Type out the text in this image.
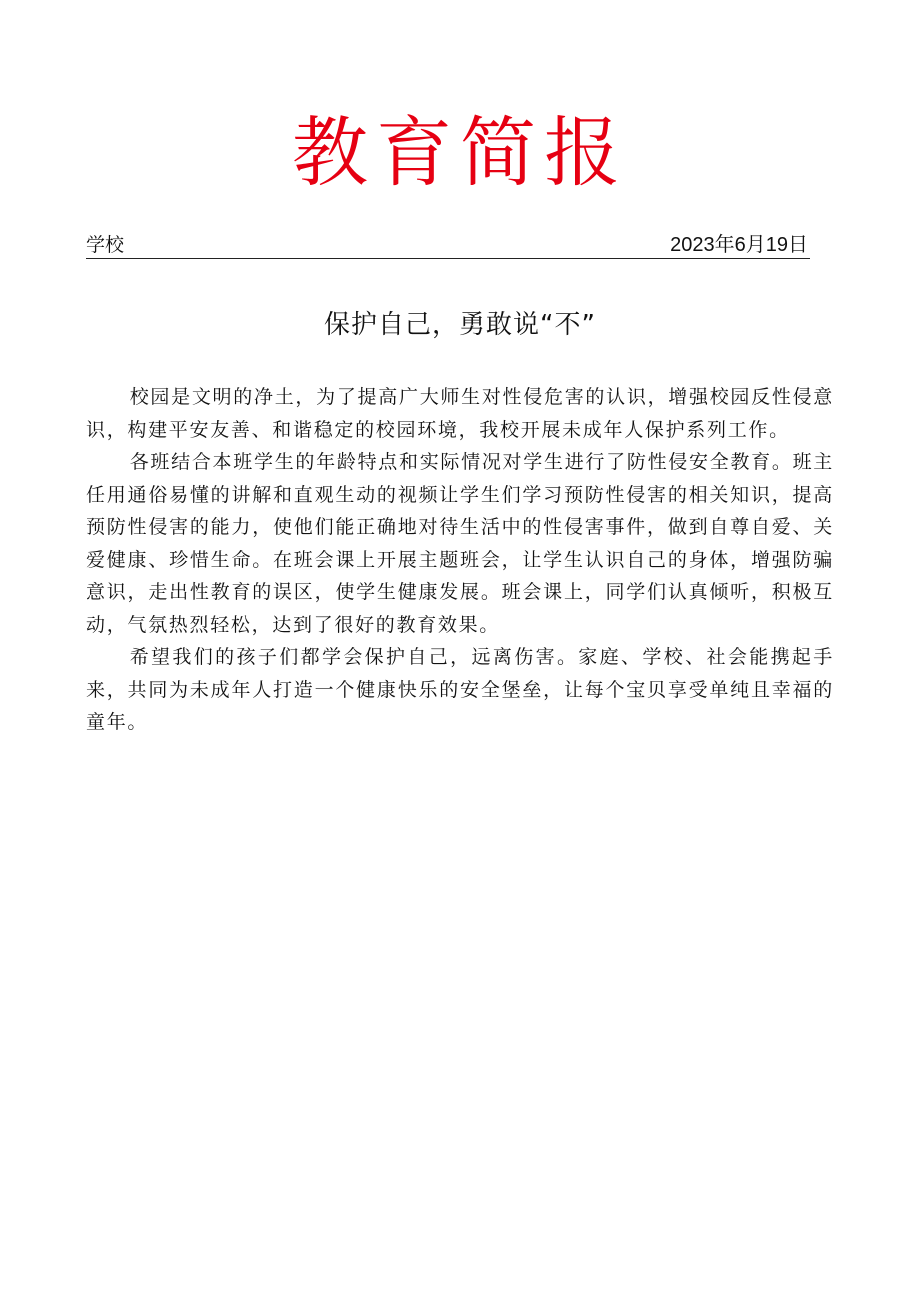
教育简报
学校	2023年6月19日
保护自己，勇敢说“不”

校园是文明的净土，为了提高广大师生对性侵危害的认识，增强校园反性侵意识，构建平安友善、和谐稳定的校园环境，我校开展未成年人保护系列工作。

各班结合本班学生的年龄特点和实际情况对学生进行了防性侵安全教育。班主任用通俗易懂的讲解和直观生动的视频让学生们学习预防性侵害的相关知识，提高预防性侵害的能力，使他们能正确地对待生活中的性侵害事件，做到自尊自爱、关爱健康、珍惜生命。在班会课上开展主题班会，让学生认识自己的身体，增强防骗意识，走出性教育的误区，使学生健康发展。班会课上，同学们认真倾听，积极互动，气氛热烈轻松，达到了很好的教育效果。

希望我们的孩子们都学会保护自己，远离伤害。家庭、学校、社会能携起手来，共同为未成年人打造一个健康快乐的安全堡垒，让每个宝贝享受单纯且幸福的童年。
